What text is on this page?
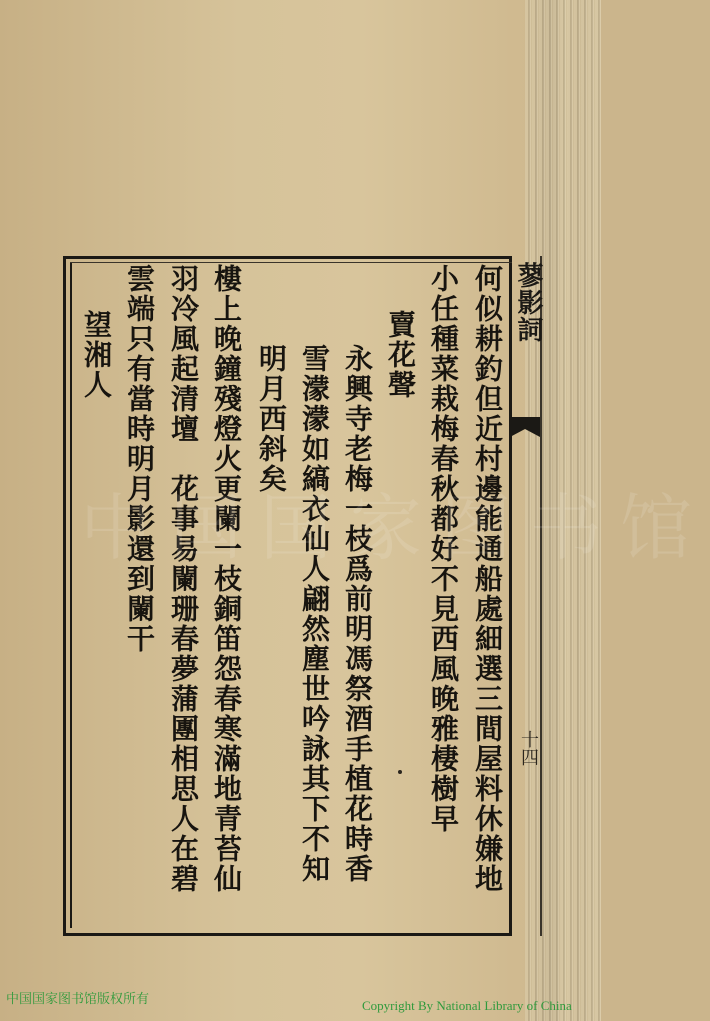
蓼影詞
十四
何似耕釣但近村邊能通船處細選三間屋料休嫌地
小任種菜栽梅春秋都好不見西風晚雅棲樹早
賣花聲
永興寺老梅一枝爲前明馮祭酒手植花時香
雪濛濛如縞衣仙人翩然塵世吟詠其下不知
明月西斜矣
樓上晚鐘殘燈火更闌一枝銅笛怨春寒滿地青苔仙
羽冷風起清壇　花事易闌珊春夢蒲團相思人在碧
雲端只有當時明月影還到闌干
望湘人
中国国家图书馆
中国国家图书馆版权所有	Copyright By National Library of China
